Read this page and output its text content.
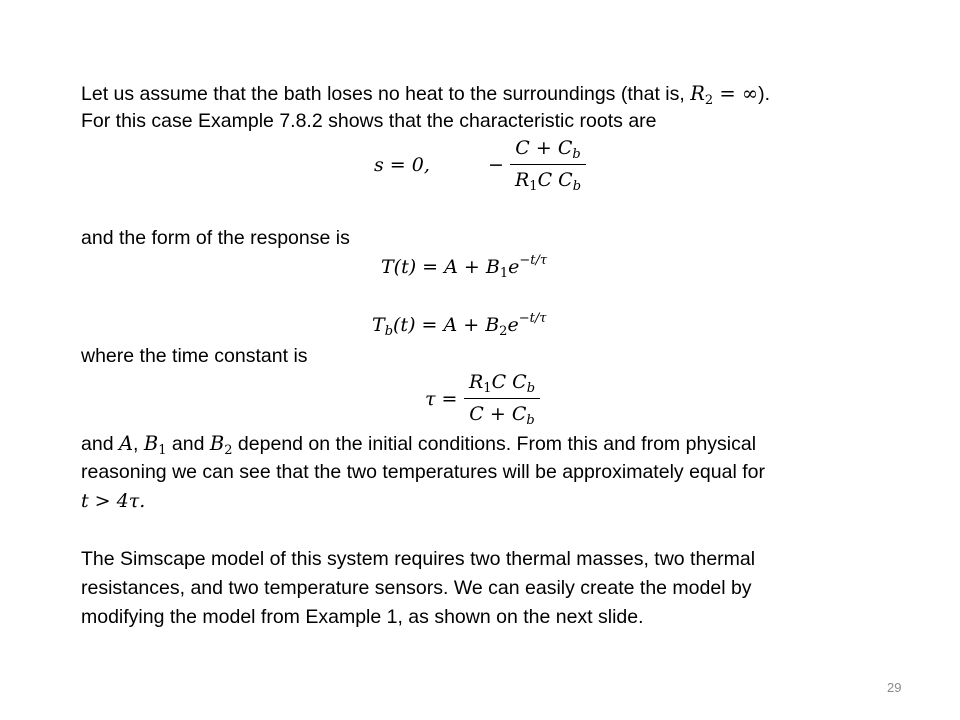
Let us assume that the bath loses no heat to the surroundings (that is, $R_2$ = ∞).
For this case Example 7.8.2 shows that the characteristic roots are
s = 0,	−
$C + C_b$
$R_1C$ $C_b$
and the form of the response is
$T(t) = A + B_1e^{-t/\tau}$
$T_b(t) = A + B_2e^{-t/\tau}$
where the time constant is
τ =
$R_1C$ $C_b$
$C + C_b$
and A, $B_1$ and $B_2$ depend on the initial conditions. From this and from physical
reasoning we can see that the two temperatures will be approximately equal for
t > 4τ.
The Simscape model of this system requires two thermal masses, two thermal
resistances, and two temperature sensors. We can easily create the model by
modifying the model from Example 1, as shown on the next slide.
29
